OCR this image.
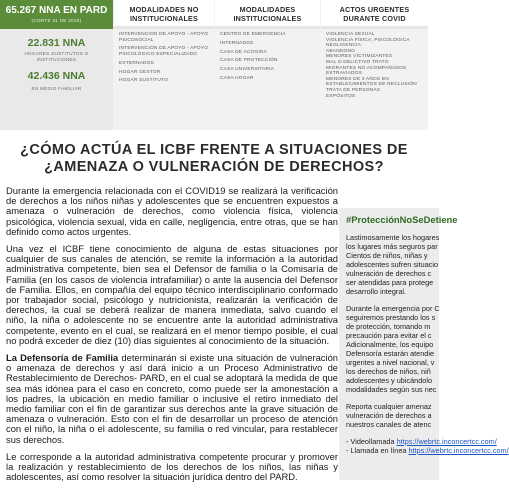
65.267 NNA EN PARD
(CORTE 31 DE 2020)
22.831 NNA
HOGARES SUSTITUTOS O INSTITUCIONES
42.436 NNA
EN MEDIO FAMILIAR
MODALIDADES NO INSTITUCIONALES
INTERVENCIÓN DE APOYO - APOYO PSICOSOCIAL
INTERVENCIÓN DE APOYO - APOYO PSICOLÓGICO ESPECIALIZADO
EXTERNADOS
HOGAR GESTOR
HOGAR SUSTITUTO
MODALIDADES INSTITUCIONALES
CENTRO DE EMERGENCIA
INTERNADOS
CASA DE ACOGIDA
CASA DE PROTECCIÓN
CASA UNIVERSITARIA
CASA HOGAR
ACTOS URGENTES DURANTE COVID
VIOLENCIA SEXUAL
VIOLENCIA FÍSICA, PSICOLÓGICA
NEGLIGENCIA
ABANDONO
MENORES VÍCTIMIZANTES
MAL O DELICTIVO TRATO
MIGRANTES NO ACOMPAÑADOS
EXTRAVIADOS
MENORES DE 3 AÑOS EN ESTABLECIMIENTOS DE RECLUSIÓN
TRATA DE PERSONAS
EXPÓSITOS
¿CÓMO ACTÚA EL ICBF FRENTE A SITUACIONES DE
¿AMENAZA O VULNERACIÓN DE DERECHOS?

Durante la emergencia relacionada con el COVID19 se realizará la verificación de derechos a los niños niñas y adolescentes que se encuentren expuestos a amenaza o vulneración de derechos, como violencia física, violencia psicológica, violencia sexual, vida en calle, negligencia, entre otras, que se han definido como actos urgentes.

Una vez el ICBF tiene conocimiento de alguna de estas situaciones por cualquier de sus canales de atención, se remite la información a la autoridad administrativa competente, bien sea el Defensor de familia o la Comisaría de Familia (en los casos de violencia intrafamiliar) o ante la ausencia del Defensor de Familia. Ellos, en compañía del equipo técnico interdisciplinario conformado por trabajador social, psicólogo y nutricionista, realizarán la verificación de derechos, la cual se deberá realizar de manera inmediata, salvo cuando el niño, la niña o adolescente no se encuentre ante la autoridad administrativa competente, evento en el cual, se realizará en el menor tiempo posible, el cual no podrá exceder de diez (10) días siguientes al conocimiento de la situación.

La Defensoría de Familia determinarán si existe una situación de vulneración o amenaza de derechos y así dará inicio a un Proceso Administrativo de Restablecimiento de Derechos- PARD, en el cual se adoptará la medida de que sea más idónea para el caso en concreto, como puede ser la amonestación a los padres, la ubicación en medio familiar o inclusive el retiro inmediato del medio familiar con el fin de garantizar sus derechos ante la grave situación de amenaza o vulneración. Esto con el fin de desarrollar un proceso de atención con el niño, la niña o el adolescente, su familia o red vincular, para restablecer sus derechos.

Le corresponde a la autoridad administrativa competente procurar y promover la realización y restablecimiento de los derechos de los niños, las niñas y adolescentes, así como resolver la situación jurídica dentro del PARD.

#ProtecciónNoSeDetiene
Lastimosamente los hogares
los lugares más seguros par
Cientos de niños, niñas y
adolescentes sufren situacio
vulneración de derechos c
ser atendidas para protege
desarrollo integral.
Durante la emergencia por C
seguiremos prestando los s
de protección, tomando m
precaución para evitar el c
Adicionalmente, los equipo
Defensoría estarán atendie
urgentes a nivel nacional, v
los derechos de niños, niñ
adolescentes y ubicándolo
modalidades según sus nec
Reporta cualquier amenaz
vulneración de derechos a
nuestros canales de atenc
- Videollamada https://webrtc.inconcertcc.com/
- Llamada en línea https://webrtc.inconcertcc.com/
